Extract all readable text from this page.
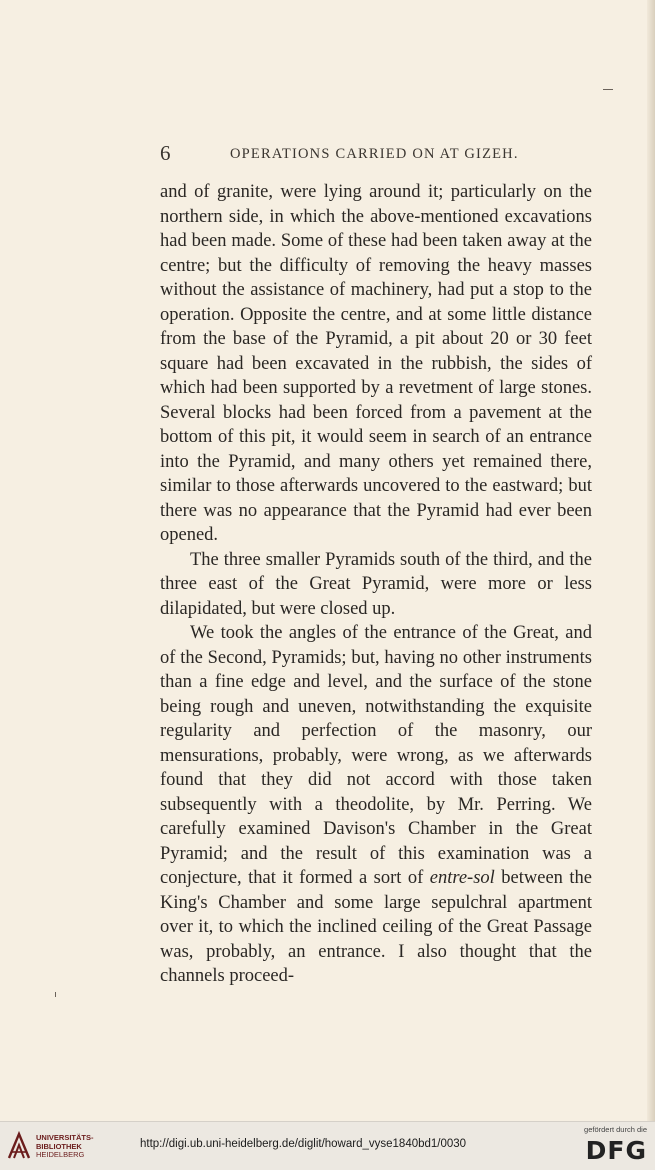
6	OPERATIONS CARRIED ON AT GIZEH.

and of granite, were lying around it; particularly on the northern side, in which the above-mentioned excavations had been made. Some of these had been taken away at the centre; but the difficulty of removing the heavy masses without the assistance of machinery, had put a stop to the operation. Opposite the centre, and at some little distance from the base of the Pyramid, a pit about 20 or 30 feet square had been excavated in the rubbish, the sides of which had been supported by a revetment of large stones. Several blocks had been forced from a pavement at the bottom of this pit, it would seem in search of an entrance into the Pyramid, and many others yet remained there, similar to those afterwards uncovered to the eastward; but there was no appearance that the Pyramid had ever been opened.

The three smaller Pyramids south of the third, and the three east of the Great Pyramid, were more or less dilapidated, but were closed up.

We took the angles of the entrance of the Great, and of the Second, Pyramids; but, having no other instruments than a fine edge and level, and the surface of the stone being rough and uneven, notwithstanding the exquisite regularity and perfection of the masonry, our mensurations, probably, were wrong, as we afterwards found that they did not accord with those taken subsequently with a theodolite, by Mr. Perring. We carefully examined Davison's Chamber in the Great Pyramid; and the result of this examination was a conjecture, that it formed a sort of entre-sol between the King's Chamber and some large sepulchral apartment over it, to which the inclined ceiling of the Great Passage was, probably, an entrance. I also thought that the channels proceed-

UNIVERSITÄTS-
BIBLIOTHEK
HEIDELBERG
http://digi.ub.uni-heidelberg.de/diglit/howard_vyse1840bd1/0030
gefördert durch die
DFG
